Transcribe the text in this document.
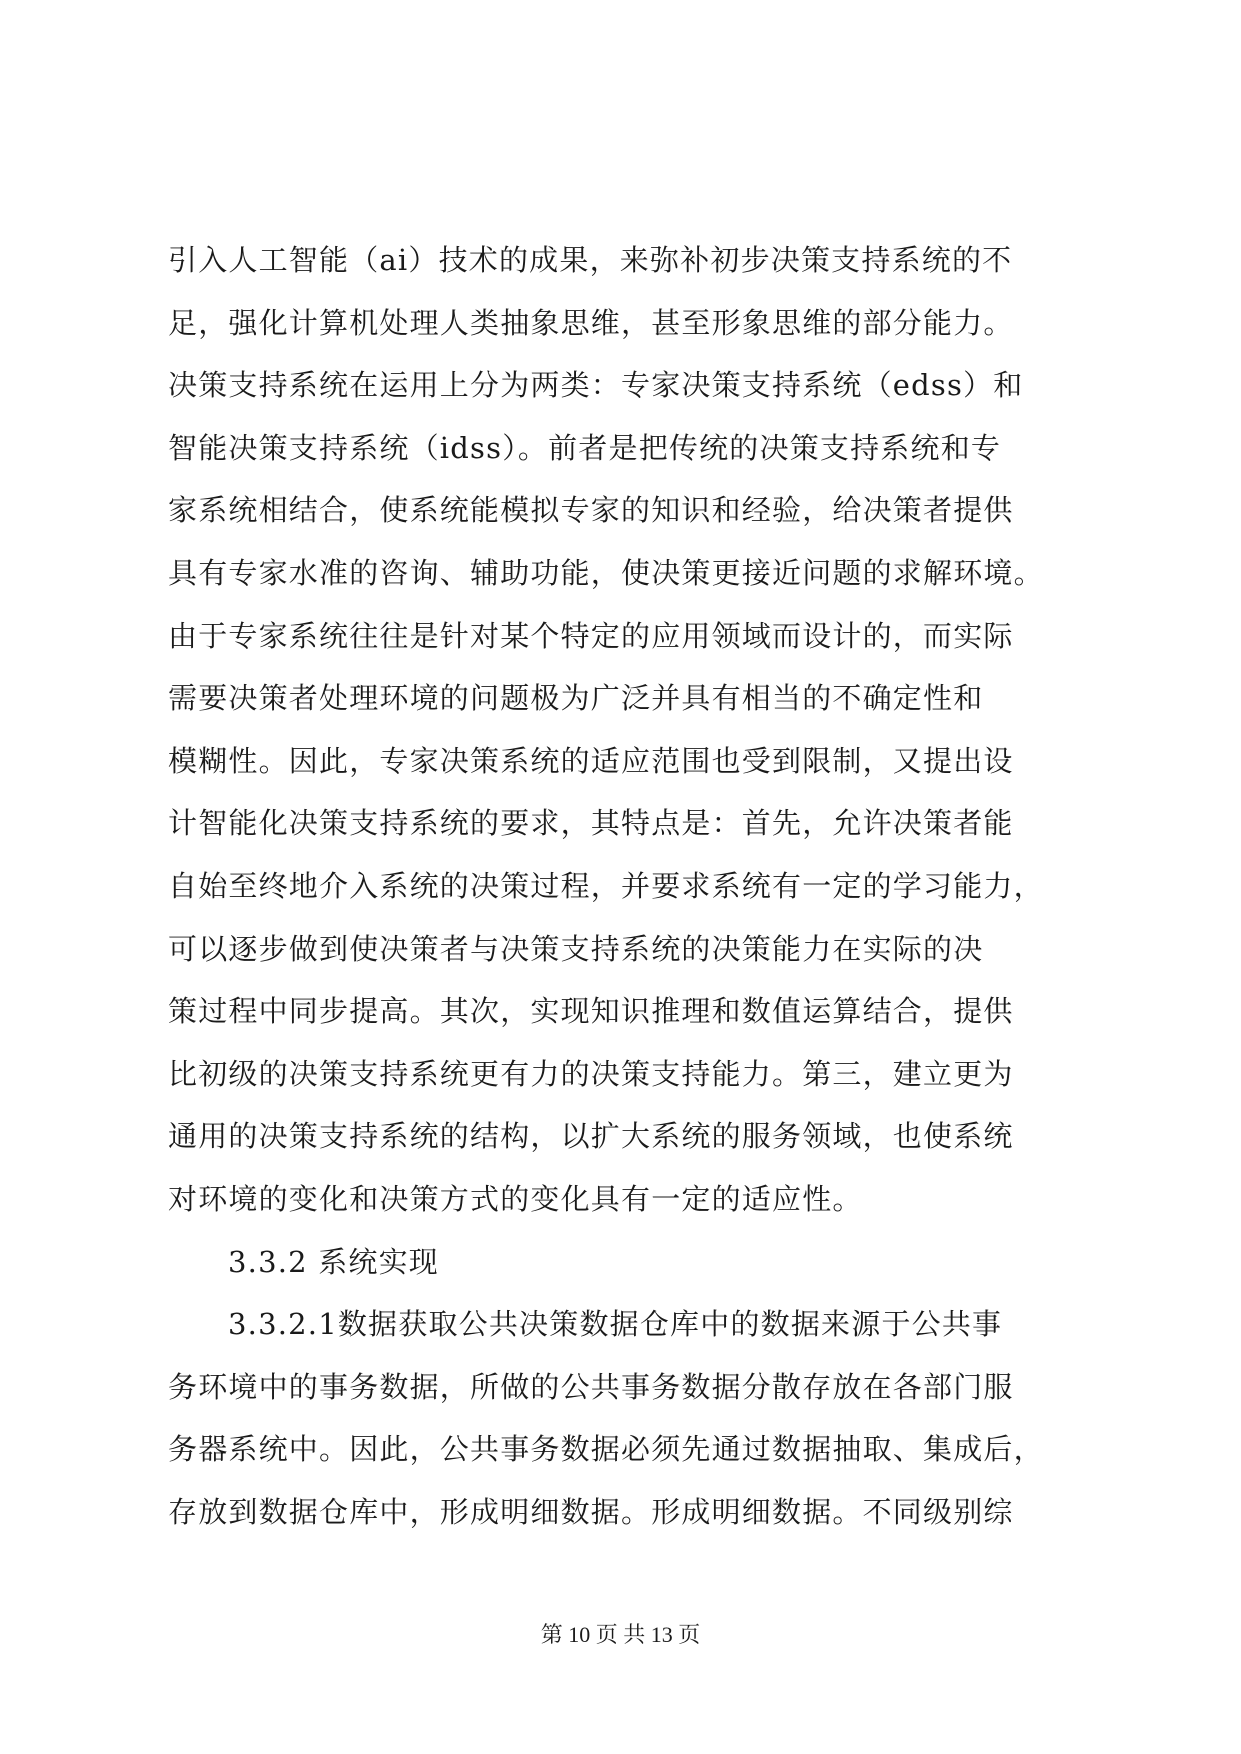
引入人工智能（ai）技术的成果，来弥补初步决策支持系统的不
足，强化计算机处理人类抽象思维，甚至形象思维的部分能力。
决策支持系统在运用上分为两类：专家决策支持系统（edss）和
智能决策支持系统（idss）。前者是把传统的决策支持系统和专
家系统相结合，使系统能模拟专家的知识和经验，给决策者提供
具有专家水准的咨询、辅助功能，使决策更接近问题的求解环境。
由于专家系统往往是针对某个特定的应用领域而设计的，而实际
需要决策者处理环境的问题极为广泛并具有相当的不确定性和
模糊性。因此，专家决策系统的适应范围也受到限制，又提出设
计智能化决策支持系统的要求，其特点是：首先，允许决策者能
自始至终地介入系统的决策过程，并要求系统有一定的学习能力，
可以逐步做到使决策者与决策支持系统的决策能力在实际的决
策过程中同步提高。其次，实现知识推理和数值运算结合，提供
比初级的决策支持系统更有力的决策支持能力。第三，建立更为
通用的决策支持系统的结构，以扩大系统的服务领域，也使系统
对环境的变化和决策方式的变化具有一定的适应性。
3.3.2 系统实现
3.3.2.1数据获取公共决策数据仓库中的数据来源于公共事
务环境中的事务数据，所做的公共事务数据分散存放在各部门服
务器系统中。因此，公共事务数据必须先通过数据抽取、集成后，
存放到数据仓库中，形成明细数据。形成明细数据。不同级别综
第 10 页 共 13 页
